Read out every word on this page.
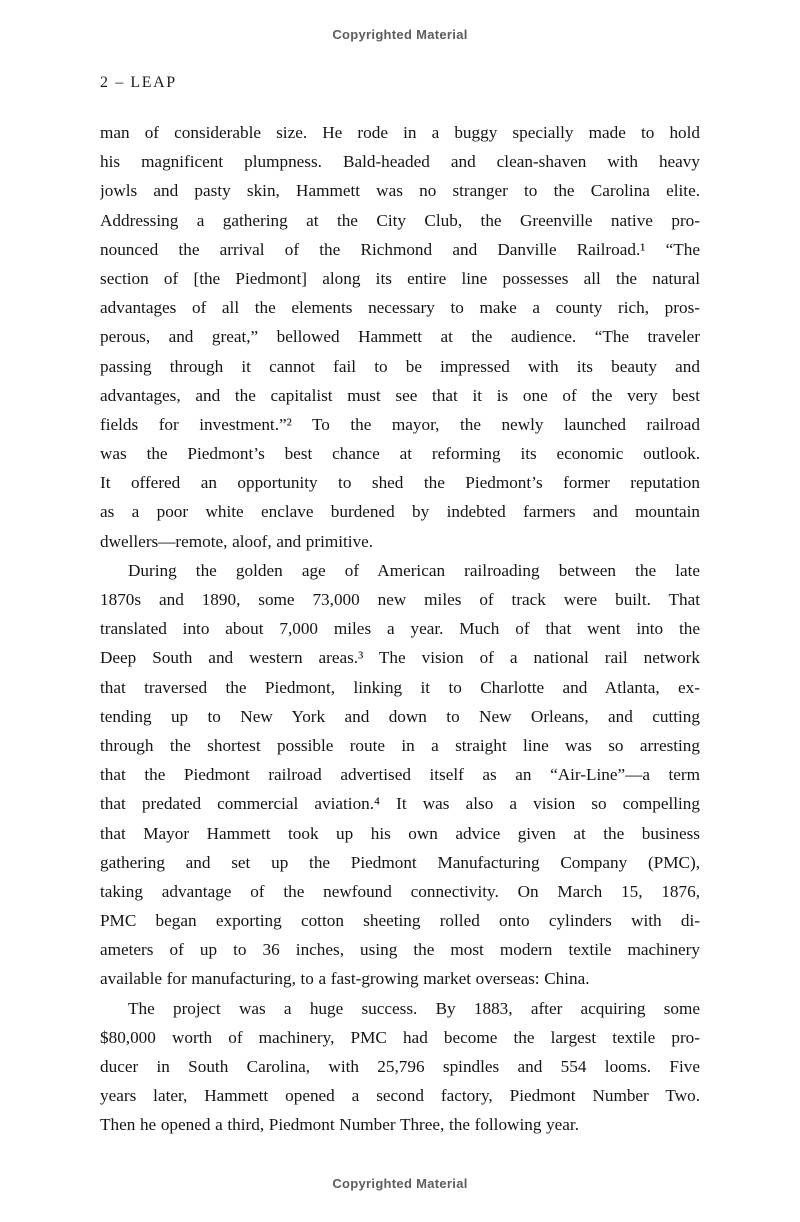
Copyrighted Material
2 – LEAP
man of considerable size. He rode in a buggy specially made to hold
his magnificent plumpness. Bald-headed and clean-shaven with heavy
jowls and pasty skin, Hammett was no stranger to the Carolina elite.
Addressing a gathering at the City Club, the Greenville native pro-
nounced the arrival of the Richmond and Danville Railroad.¹ “The
section of [the Piedmont] along its entire line possesses all the natural
advantages of all the elements necessary to make a county rich, pros-
perous, and great,” bellowed Hammett at the audience. “The traveler
passing through it cannot fail to be impressed with its beauty and
advantages, and the capitalist must see that it is one of the very best
fields for investment.”² To the mayor, the newly launched railroad
was the Piedmont’s best chance at reforming its economic outlook.
It offered an opportunity to shed the Piedmont’s former reputation
as a poor white enclave burdened by indebted farmers and mountain
dwellers—remote, aloof, and primitive.
During the golden age of American railroading between the late
1870s and 1890, some 73,000 new miles of track were built. That
translated into about 7,000 miles a year. Much of that went into the
Deep South and western areas.³ The vision of a national rail network
that traversed the Piedmont, linking it to Charlotte and Atlanta, ex-
tending up to New York and down to New Orleans, and cutting
through the shortest possible route in a straight line was so arresting
that the Piedmont railroad advertised itself as an “Air-Line”—a term
that predated commercial aviation.⁴ It was also a vision so compelling
that Mayor Hammett took up his own advice given at the business
gathering and set up the Piedmont Manufacturing Company (PMC),
taking advantage of the newfound connectivity. On March 15, 1876,
PMC began exporting cotton sheeting rolled onto cylinders with di-
ameters of up to 36 inches, using the most modern textile machinery
available for manufacturing, to a fast-growing market overseas: China.
The project was a huge success. By 1883, after acquiring some
$80,000 worth of machinery, PMC had become the largest textile pro-
ducer in South Carolina, with 25,796 spindles and 554 looms. Five
years later, Hammett opened a second factory, Piedmont Number Two.
Then he opened a third, Piedmont Number Three, the following year.
Copyrighted Material
